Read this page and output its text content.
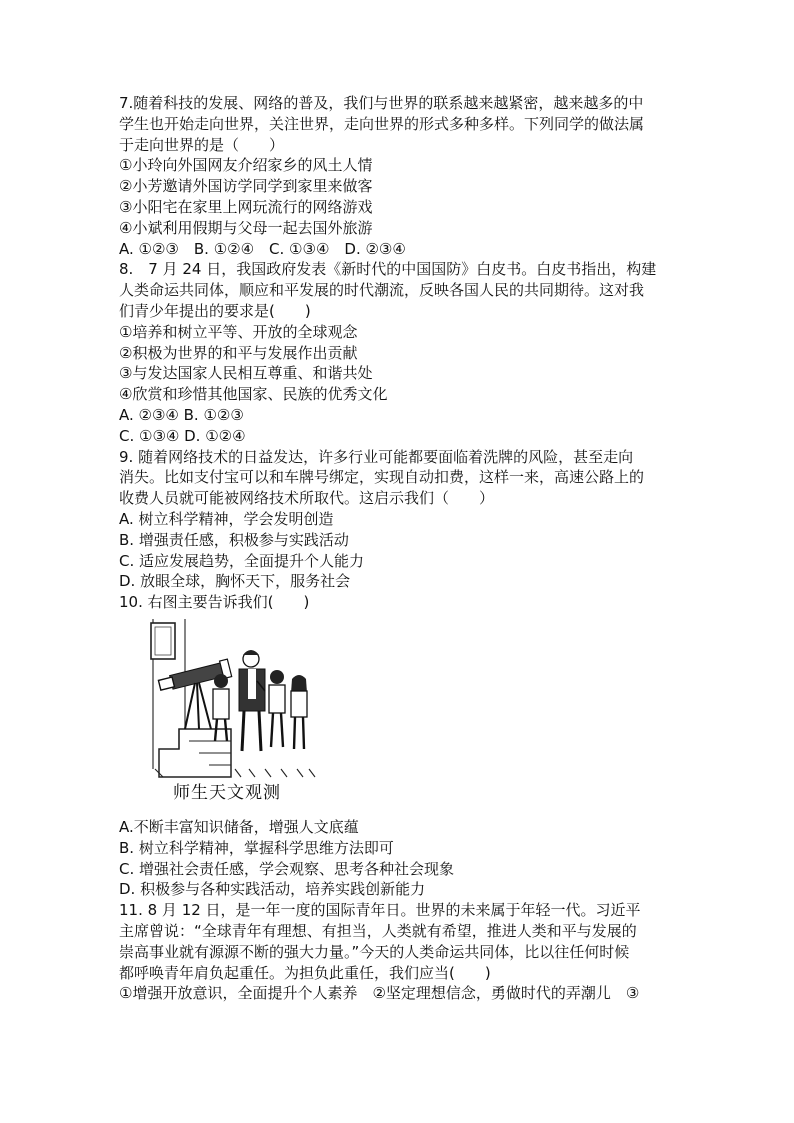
7.随着科技的发展、网络的普及，我们与世界的联系越来越紧密，越来越多的中
学生也开始走向世界，关注世界，走向世界的形式多种多样。下列同学的做法属
于走向世界的是（　　）
①小玲向外国网友介绍家乡的风土人情
②小芳邀请外国访学同学到家里来做客
③小阳宅在家里上网玩流行的网络游戏
④小斌利用假期与父母一起去国外旅游
A. ①②③　B. ①②④　C. ①③④　D. ②③④
8.　7 月 24 日，我国政府发表《新时代的中国国防》白皮书。白皮书指出，构建
人类命运共同体，顺应和平发展的时代潮流，反映各国人民的共同期待。这对我
们青少年提出的要求是(　　)
①培养和树立平等、开放的全球观念
②积极为世界的和平与发展作出贡献
③与发达国家人民相互尊重、和谐共处
④欣赏和珍惜其他国家、民族的优秀文化
A. ②③④ B. ①②③
C. ①③④ D. ①②④
9. 随着网络技术的日益发达，许多行业可能都要面临着洗牌的风险，甚至走向
消失。比如支付宝可以和车牌号绑定，实现自动扣费，这样一来，高速公路上的
收费人员就可能被网络技术所取代。这启示我们（　　）
A. 树立科学精神，学会发明创造
B. 增强责任感，积极参与实践活动
C. 适应发展趋势，全面提升个人能力
D. 放眼全球，胸怀天下，服务社会
10. 右图主要告诉我们(　　)
师生天文观测
A.不断丰富知识储备，增强人文底蕴
B. 树立科学精神，掌握科学思维方法即可
C. 增强社会责任感，学会观察、思考各种社会现象
D. 积极参与各种实践活动，培养实践创新能力
11. 8 月 12 日，是一年一度的国际青年日。世界的未来属于年轻一代。习近平
主席曾说：“全球青年有理想、有担当，人类就有希望，推进人类和平与发展的
崇高事业就有源源不断的强大力量。”今天的人类命运共同体，比以往任何时候
都呼唤青年肩负起重任。为担负此重任，我们应当(　　)
①增强开放意识，全面提升个人素养　②坚定理想信念，勇做时代的弄潮儿　③
